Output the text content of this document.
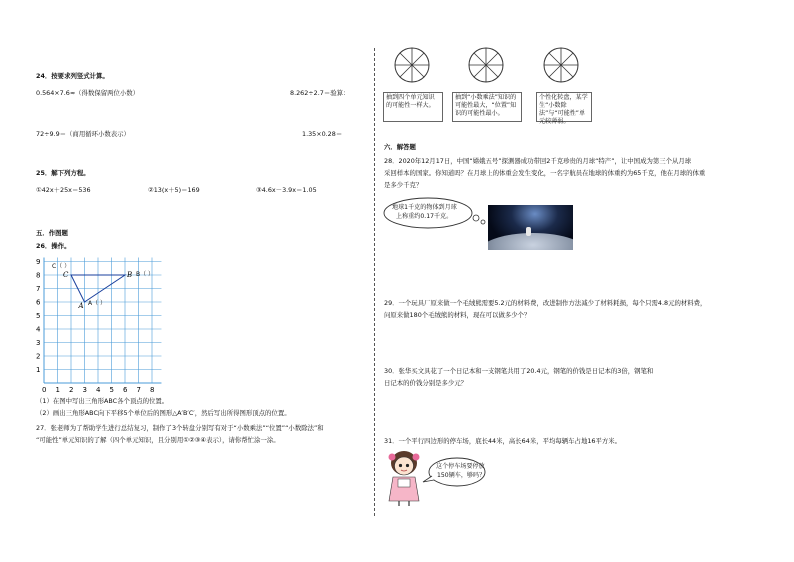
24．按要求列竖式计算。
0.564×7.6≈（得数保留两位小数）	8.262÷2.7＝验算：
72÷9.9＝（商用循环小数表示）	1.35×0.28＝
25．解下列方程。
①42x＋25x＝536	②13(x＋5)＝169	③4.6x－3.9x＝1.05
五．作图题
26．操作。
1
2
3
4
5
6
7
8
9
0 1 2 3 4 5 6 7 8
C	B
A
C（ ）
B（ ）
A（ ）
（1）在图中写出三角形ABC各个顶点的位置。
（2）画出三角形ABC向下平移5个单位后的图形△A′B′C′，然后写出所得图形顶点的位置。
27．张老师为了帮助学生进行总结复习，制作了3个转盘分别写有对于“小数乘法”“位置”“小数除法”和
“可能性”单元知识的了解（四个单元知识，且分别用①②③④表示），请你帮忙涂一涂。
抽到四个单元知识的可能性一样大。
抽到“小数乘法”知识的可能性最大，“位置”知识的可能性最小。
个性化转盘，某学生“小数除法”与“可能性”单元较薄弱。
六．解答题
28．2020年12月17日，中国“嫦娥五号”探测器成功带回2千克珍贵的月球“特产”，让中国成为第三个从月球
采回样本的国家。你知道吗？在月球上的体重会发生变化，一名宇航员在地球的体重约为65千克，他在月球的体重
是多少千克？
地球1千克的物体到月球
上称重约0.17千克。
29．一个玩具厂原来做一个毛绒熊需要5.2元的材料费，改进制作方法减少了材料耗损，每个只需4.8元的材料费，
问原来做180个毛绒熊的材料，现在可以做多少个？
30．张华买文具花了一个日记本和一支钢笔共用了20.4元，钢笔的价钱是日记本的3倍，钢笔和
日记本的价钱分别是多少元？
31．一个平行四边形的停车场，底长44米，高长64米，平均每辆车占地16平方米。
这个停车场要停放
150辆车，够吗？
